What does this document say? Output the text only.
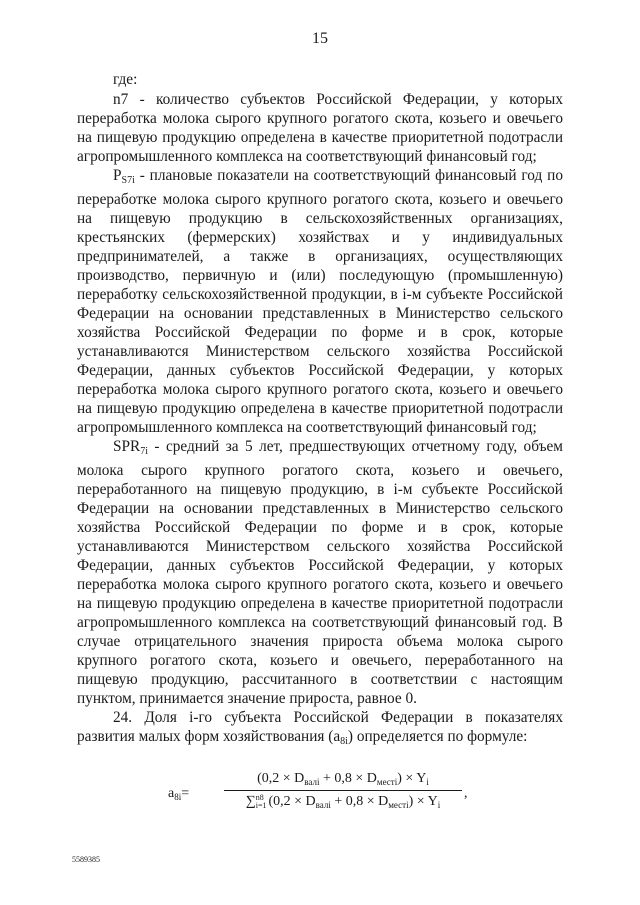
15

где:

n7 - количество субъектов Российской Федерации, у которых переработка молока сырого крупного рогатого скота, козьего и овечьего на пищевую продукцию определена в качестве приоритетной подотрасли агропромышленного комплекса на соответствующий финансовый год;

$P_{S7i}$ - плановые показатели на соответствующий финансовый год по переработке молока сырого крупного рогатого скота, козьего и овечьего на пищевую продукцию в сельскохозяйственных организациях, крестьянских (фермерских) хозяйствах и у индивидуальных предпринимателей, а также в организациях, осуществляющих производство, первичную и (или) последующую (промышленную) переработку сельскохозяйственной продукции, в i-м субъекте Российской Федерации на основании представленных в Министерство сельского хозяйства Российской Федерации по форме и в срок, которые устанавливаются Министерством сельского хозяйства Российской Федерации, данных субъектов Российской Федерации, у которых переработка молока сырого крупного рогатого скота, козьего и овечьего на пищевую продукцию определена в качестве приоритетной подотрасли агропромышленного комплекса на соответствующий финансовый год;

$SPR_{7i}$ - средний за 5 лет, предшествующих отчетному году, объем молока сырого крупного рогатого скота, козьего и овечьего, переработанного на пищевую продукцию, в i-м субъекте Российской Федерации на основании представленных в Министерство сельского хозяйства Российской Федерации по форме и в срок, которые устанавливаются Министерством сельского хозяйства Российской Федерации, данных субъектов Российской Федерации, у которых переработка молока сырого крупного рогатого скота, козьего и овечьего на пищевую продукцию определена в качестве приоритетной подотрасли агропромышленного комплекса на соответствующий финансовый год. В случае отрицательного значения прироста объема молока сырого крупного рогатого скота, козьего и овечьего, переработанного на пищевую продукцию, рассчитанного в соответствии с настоящим пунктом, принимается значение прироста, равное 0.

24. Доля i-го субъекта Российской Федерации в показателях развития малых форм хозяйствования $(a_{8i})$ определяется по формуле:

$a_{8i}=$
$(0,2 \times D_{валі} + 0,8 \times D_{местi}) \times Y_i$
∑n8
i=1 $(0,2 \times D_{валі} + 0,8 \times D_{местi}) \times Y_i$
,
5589385
